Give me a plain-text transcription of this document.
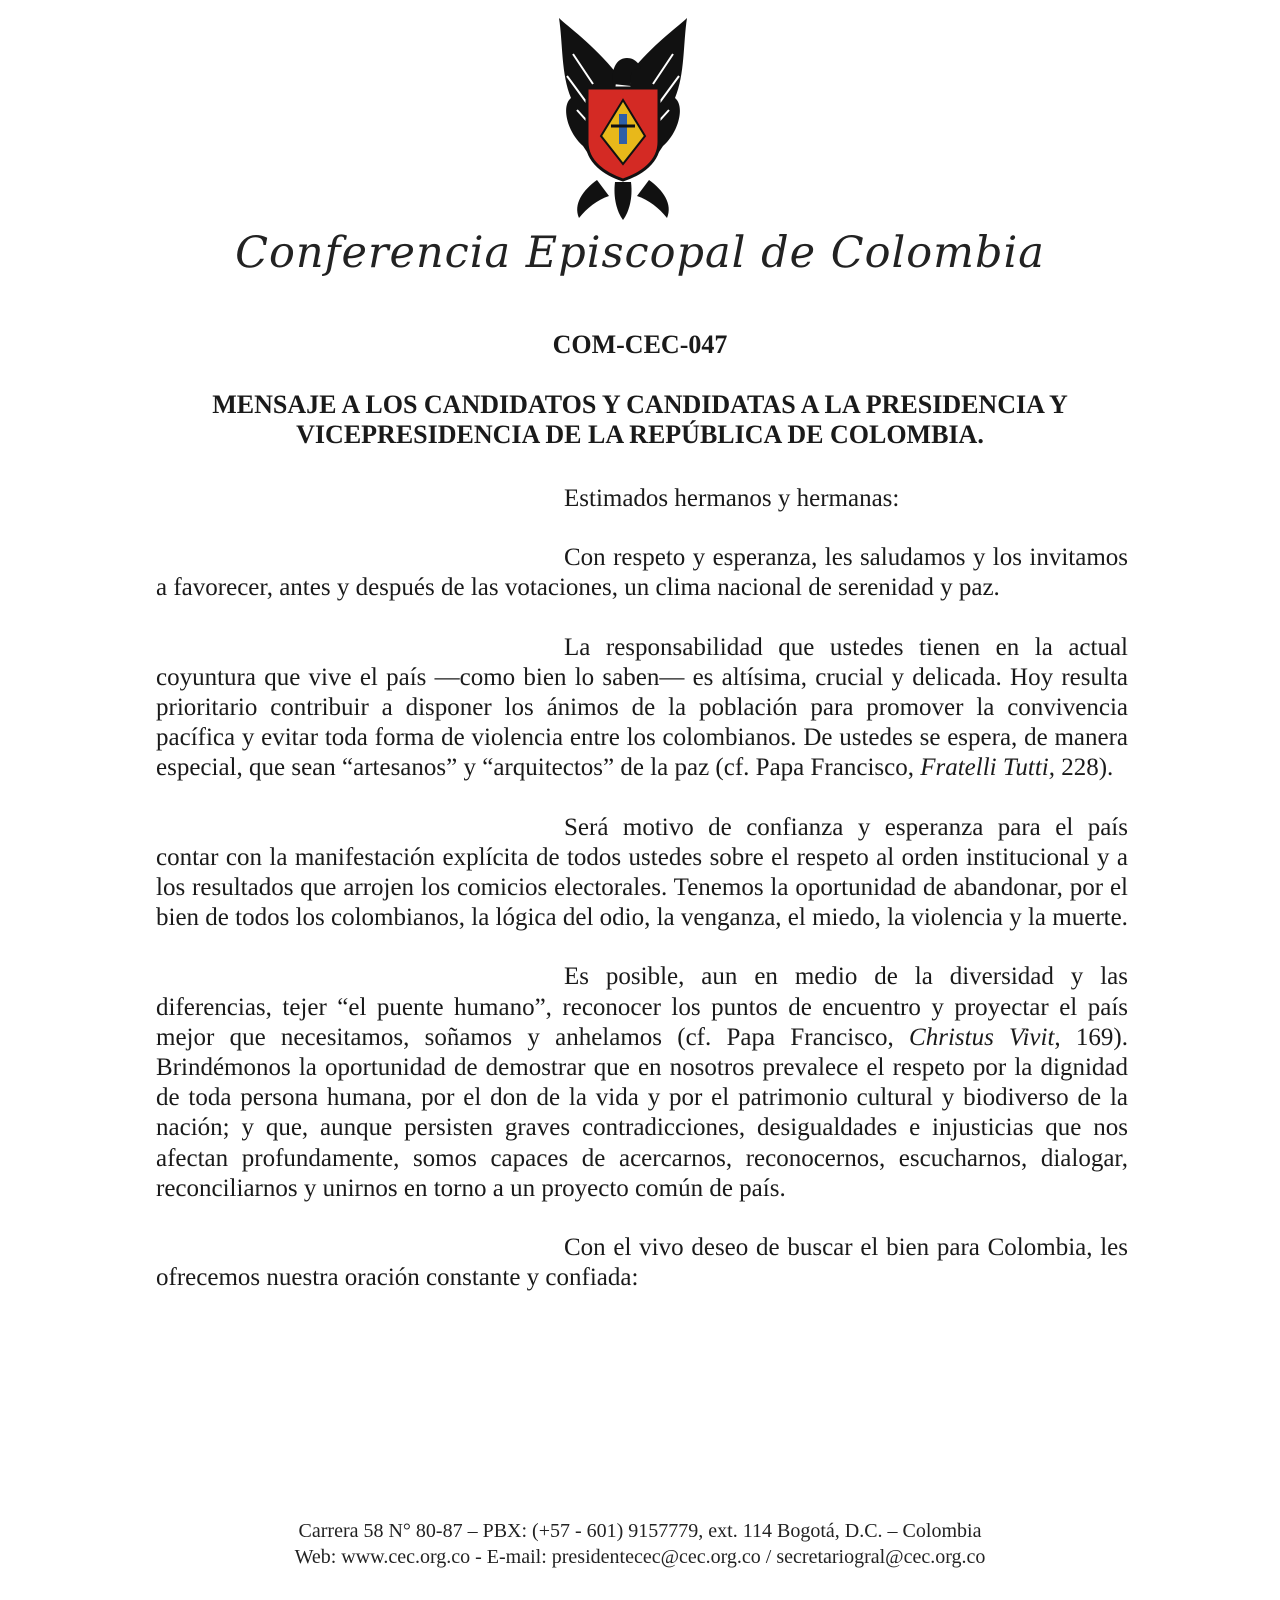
Conferencia Episcopal de Colombia
COM-CEC-047
MENSAJE A LOS CANDIDATOS Y CANDIDATAS A LA PRESIDENCIA Y
VICEPRESIDENCIA DE LA REPÚBLICA DE COLOMBIA.

Estimados hermanos y hermanas:

Con respeto y esperanza, les saludamos y los invitamos a favorecer, antes y después de las votaciones, un clima nacional de serenidad y paz.

La responsabilidad que ustedes tienen en la actual coyuntura que vive el país —como bien lo saben— es altísima, crucial y delicada. Hoy resulta prioritario contribuir a disponer los ánimos de la población para promover la convivencia pacífica y evitar toda forma de violencia entre los colombianos. De ustedes se espera, de manera especial, que sean “artesanos” y “arquitectos” de la paz (cf. Papa Francisco, Fratelli Tutti, 228).

Será motivo de confianza y esperanza para el país contar con la manifestación explícita de todos ustedes sobre el respeto al orden institucional y a los resultados que arrojen los comicios electorales. Tenemos la oportunidad de abandonar, por el bien de todos los colombianos, la lógica del odio, la venganza, el miedo, la violencia y la muerte.

Es posible, aun en medio de la diversidad y las diferencias, tejer “el puente humano”, reconocer los puntos de encuentro y proyectar el país mejor que necesitamos, soñamos y anhelamos (cf. Papa Francisco, Christus Vivit, 169). Brindémonos la oportunidad de demostrar que en nosotros prevalece el respeto por la dignidad de toda persona humana, por el don de la vida y por el patrimonio cultural y biodiverso de la nación; y que, aunque persisten graves contradicciones, desigualdades e injusticias que nos afectan profundamente, somos capaces de acercarnos, reconocernos, escucharnos, dialogar, reconciliarnos y unirnos en torno a un proyecto común de país.

Con el vivo deseo de buscar el bien para Colombia, les ofrecemos nuestra oración constante y confiada:

Carrera 58 N° 80-87 – PBX: (+57 - 601) 9157779, ext. 114 Bogotá, D.C. – Colombia
Web: www.cec.org.co - E-mail: presidentecec@cec.org.co / secretariogral@cec.org.co
